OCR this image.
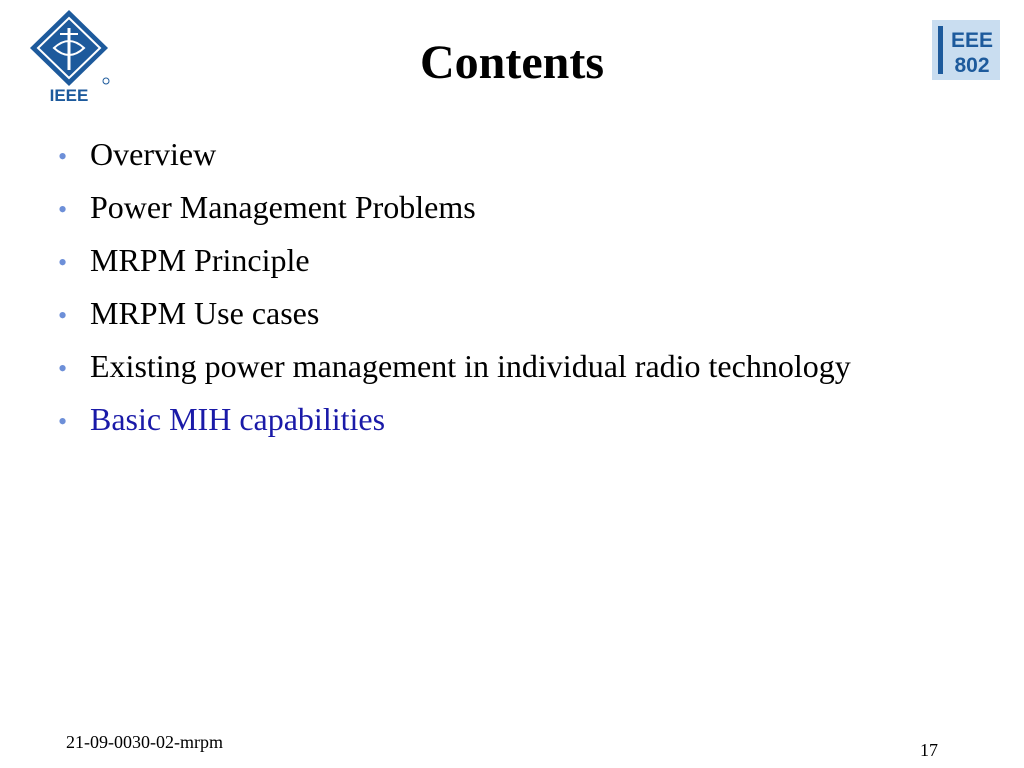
IEEE
EEE
802
Contents
• Overview
• Power Management Problems
• MRPM Principle
• MRPM Use cases
• Existing power management in individual radio technology
• Basic MIH capabilities
21-09-0030-02-mrpm	17
